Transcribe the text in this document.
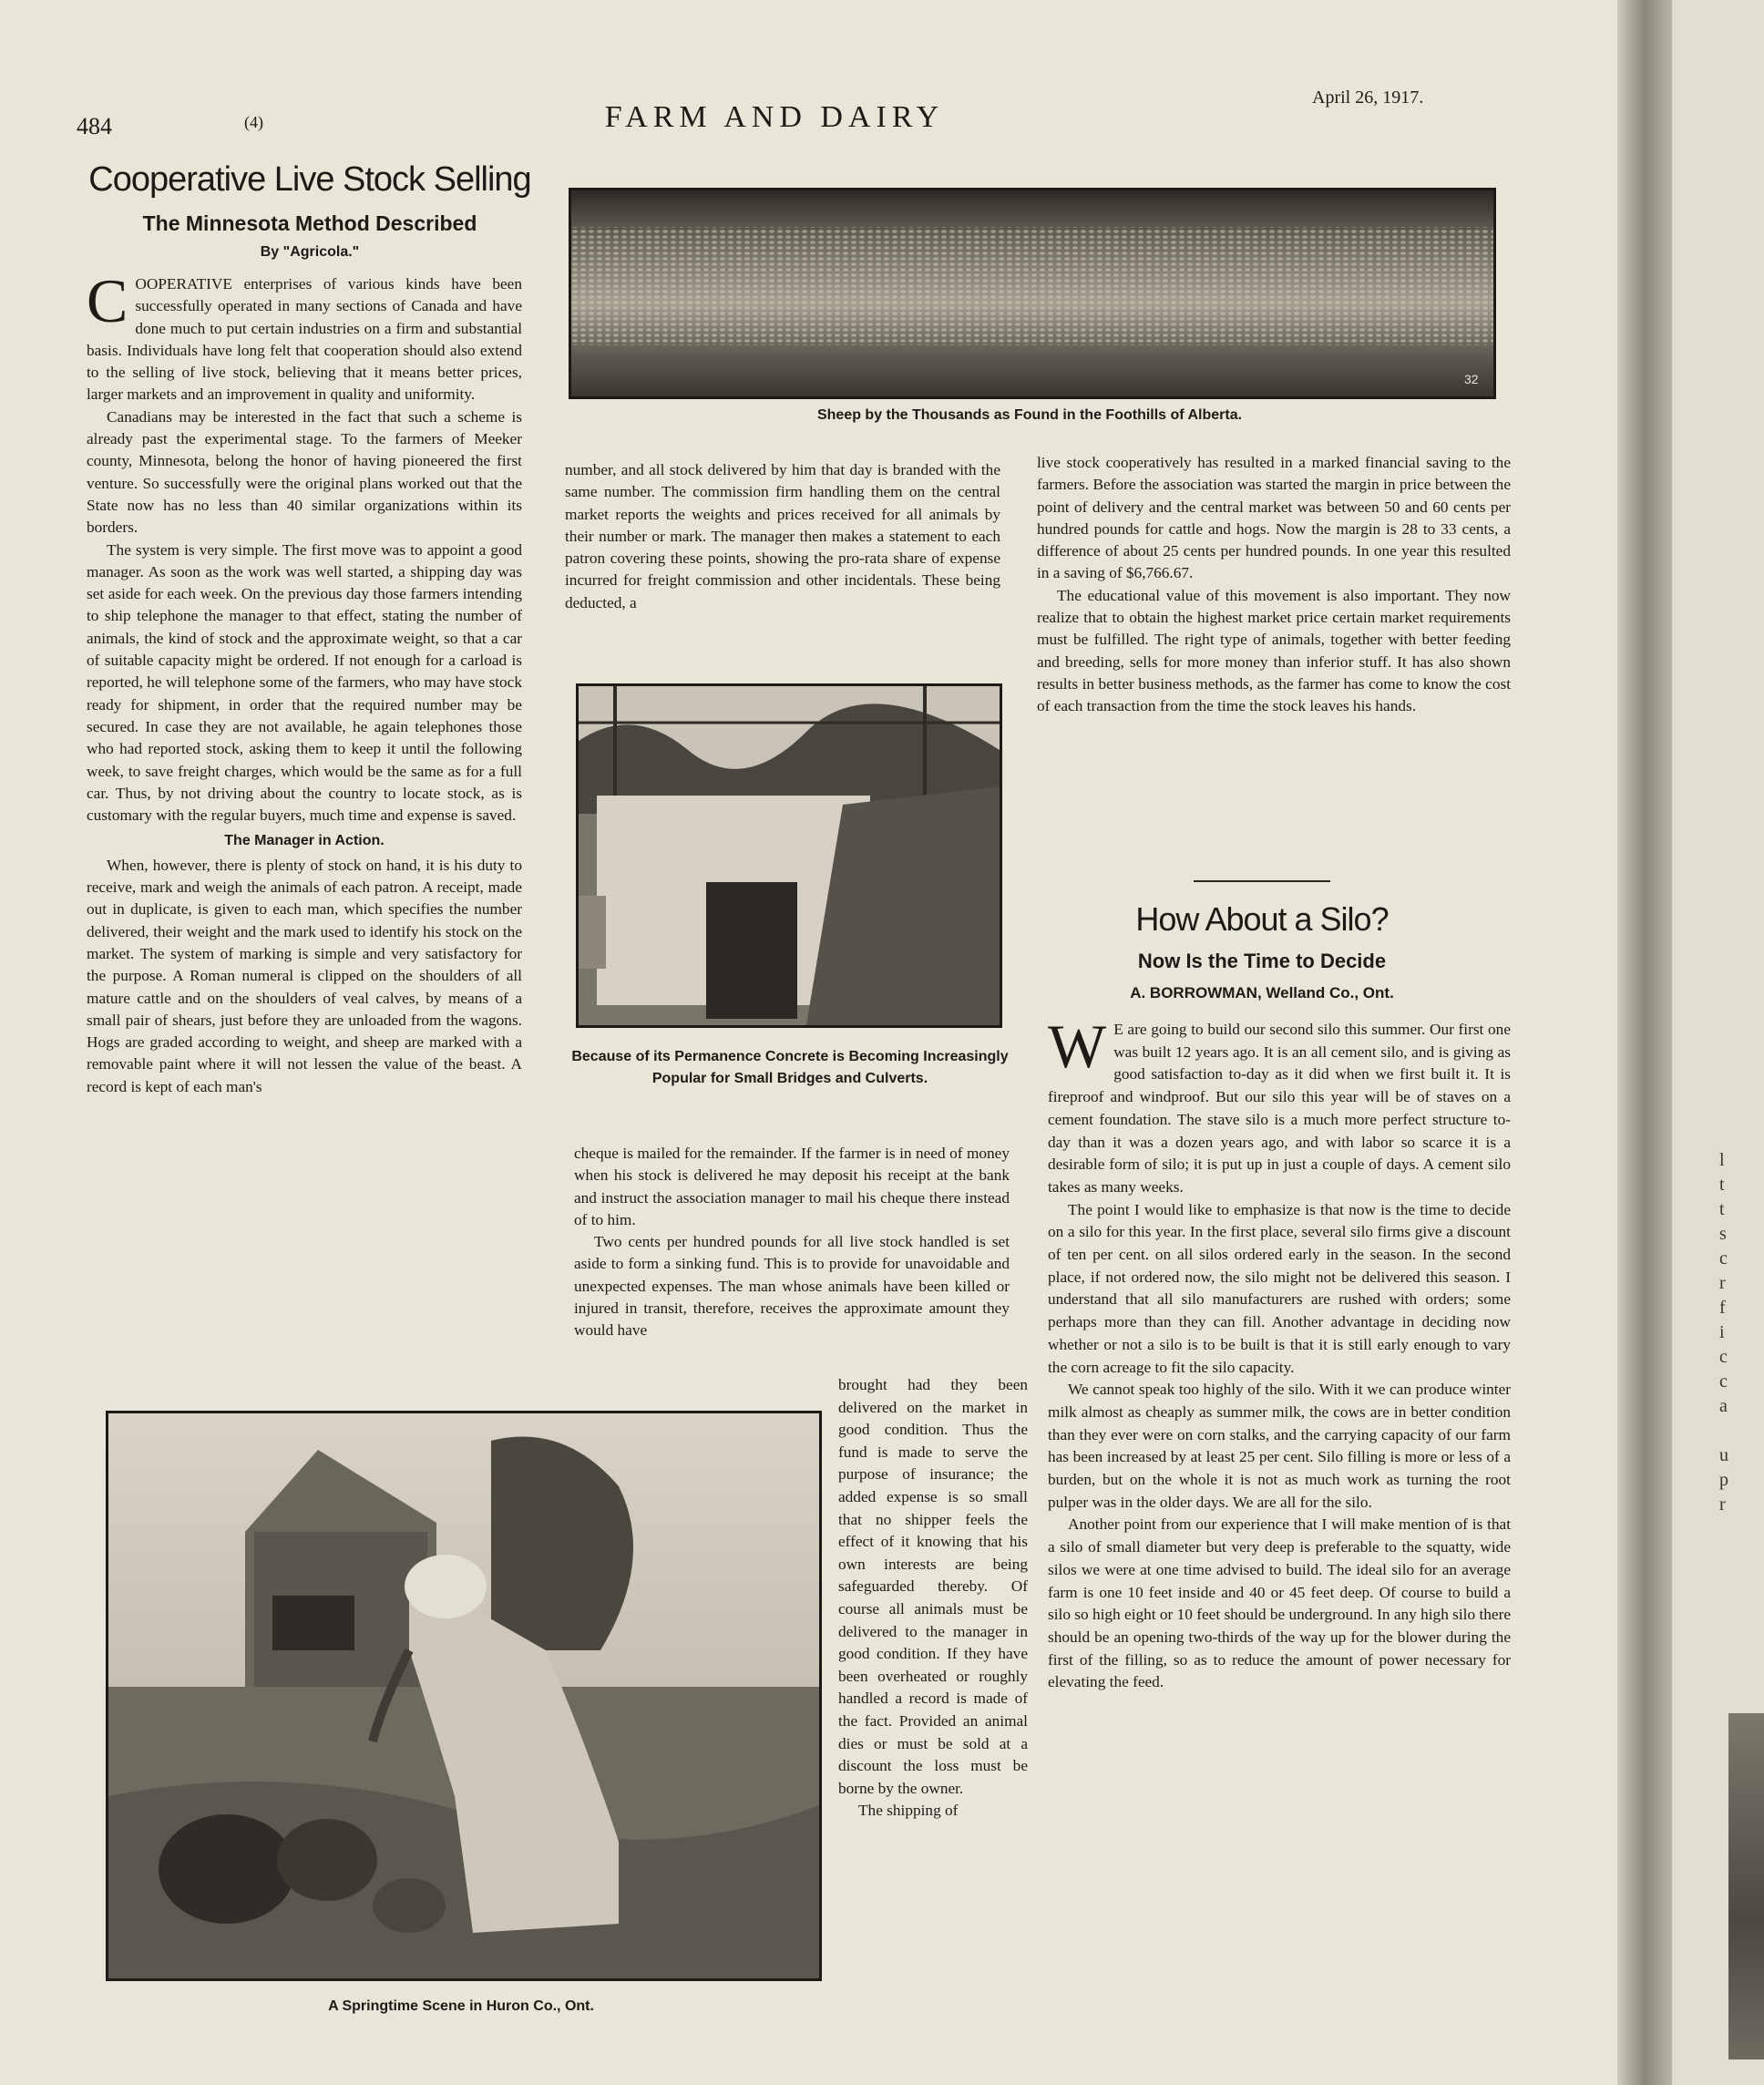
484	(4)	FARM AND DAIRY
April 26, 1917.
Cooperative Live Stock Selling
The Minnesota Method Described
By "Agricola."

COOPERATIVE enterprises of various kinds have been successfully operated in many sections of Canada and have done much to put certain industries on a firm and substantial basis. Individuals have long felt that cooperation should also extend to the selling of live stock, believing that it means better prices, larger markets and an improvement in quality and uniformity.

Canadians may be interested in the fact that such a scheme is already past the experimental stage. To the farmers of Meeker county, Minnesota, belong the honor of having pioneered the first venture. So successfully were the original plans worked out that the State now has no less than 40 similar organizations within its borders.

The system is very simple. The first move was to appoint a good manager. As soon as the work was well started, a shipping day was set aside for each week. On the previous day those farmers intending to ship telephone the manager to that effect, stating the number of animals, the kind of stock and the approximate weight, so that a car of suitable capacity might be ordered. If not enough for a carload is reported, he will telephone some of the farmers, who may have stock ready for shipment, in order that the required number may be secured. In case they are not available, he again telephones those who had reported stock, asking them to keep it until the following week, to save freight charges, which would be the same as for a full car. Thus, by not driving about the country to locate stock, as is customary with the regular buyers, much time and expense is saved.

The Manager in Action.

When, however, there is plenty of stock on hand, it is his duty to receive, mark and weigh the animals of each patron. A receipt, made out in duplicate, is given to each man, which specifies the number delivered, their weight and the mark used to identify his stock on the market. The system of marking is simple and very satisfactory for the purpose. A Roman numeral is clipped on the shoulders of all mature cattle and on the shoulders of veal calves, by means of a small pair of shears, just before they are unloaded from the wagons. Hogs are graded according to weight, and sheep are marked with a removable paint where it will not lessen the value of the beast. A record is kept of each man's

32
Sheep by the Thousands as Found in the Foothills of Alberta.

number, and all stock delivered by him that day is branded with the same number. The commission firm handling them on the central market reports the weights and prices received for all animals by their number or mark. The manager then makes a statement to each patron covering these points, showing the pro-rata share of expense incurred for freight commission and other incidentals. These being deducted, a

Because of its Permanence Concrete is Becoming Increasingly Popular for Small Bridges and Culverts.

cheque is mailed for the remainder. If the farmer is in need of money when his stock is delivered he may deposit his receipt at the bank and instruct the association manager to mail his cheque there instead of to him.

Two cents per hundred pounds for all live stock handled is set aside to form a sinking fund. This is to provide for unavoidable and unexpected expenses. The man whose animals have been killed or injured in transit, therefore, receives the approximate amount they would have

brought had they been delivered on the market in good condition. Thus the fund is made to serve the purpose of insurance; the added expense is so small that no shipper feels the effect of it knowing that his own interests are being safeguarded thereby. Of course all animals must be delivered to the manager in good condition. If they have been overheated or roughly handled a record is made of the fact. Provided an animal dies or must be sold at a discount the loss must be borne by the owner.

The shipping of

A Springtime Scene in Huron Co., Ont.

live stock cooperatively has resulted in a marked financial saving to the farmers. Before the association was started the margin in price between the point of delivery and the central market was between 50 and 60 cents per hundred pounds for cattle and hogs. Now the margin is 28 to 33 cents, a difference of about 25 cents per hundred pounds. In one year this resulted in a saving of $6,766.67.

The educational value of this movement is also important. They now realize that to obtain the highest market price certain market requirements must be fulfilled. The right type of animals, together with better feeding and breeding, sells for more money than inferior stuff. It has also shown results in better business methods, as the farmer has come to know the cost of each transaction from the time the stock leaves his hands.

How About a Silo?
Now Is the Time to Decide
A. BORROWMAN, Welland Co., Ont.

W E are going to build our second silo this summer. Our first one was built 12 years ago. It is an all cement silo, and is giving as good satisfaction to-day as it did when we first built it. It is fireproof and windproof. But our silo this year will be of staves on a cement foundation. The stave silo is a much more perfect structure to-day than it was a dozen years ago, and with labor so scarce it is a desirable form of silo; it is put up in just a couple of days. A cement silo takes as many weeks.

The point I would like to emphasize is that now is the time to decide on a silo for this year. In the first place, several silo firms give a discount of ten per cent. on all silos ordered early in the season. In the second place, if not ordered now, the silo might not be delivered this season. I understand that all silo manufacturers are rushed with orders; some perhaps more than they can fill. Another advantage in deciding now whether or not a silo is to be built is that it is still early enough to vary the corn acreage to fit the silo capacity.

We cannot speak too highly of the silo. With it we can produce winter milk almost as cheaply as summer milk, the cows are in better condition than they ever were on corn stalks, and the carrying capacity of our farm has been increased by at least 25 per cent. Silo filling is more or less of a burden, but on the whole it is not as much work as turning the root pulper was in the older days. We are all for the silo.

Another point from our experience that I will make mention of is that a silo of small diameter but very deep is preferable to the squatty, wide silos we were at one time advised to build. The ideal silo for an average farm is one 10 feet inside and 40 or 45 feet deep. Of course to build a silo so high eight or 10 feet should be underground. In any high silo there should be an opening two-thirds of the way up for the blower during the first of the filling, so as to reduce the amount of power necessary for elevating the feed.

l
t
t
s
c
r
f
i
c
c
a

u
p
r
